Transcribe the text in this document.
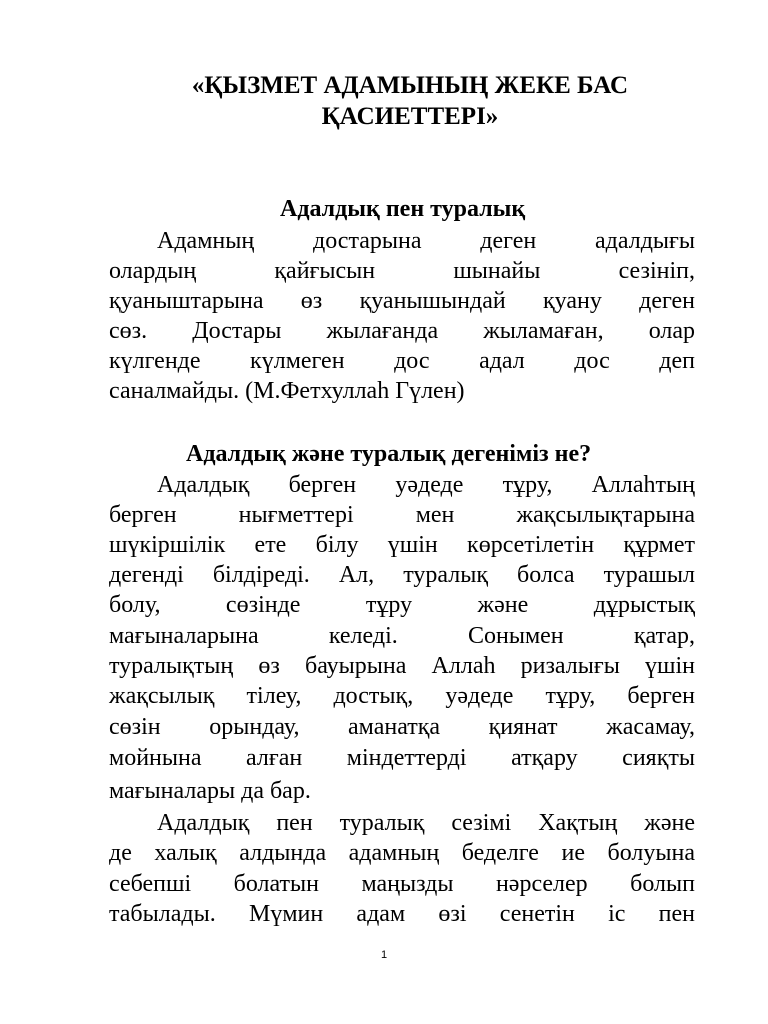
«ҚЫЗМЕТ АДАМЫНЫҢ ЖЕКЕ БАС
ҚАСИЕТТЕРІ»
Адалдық пен туралық
Адамның достарына деген адалдығы
олардың қайғысын шынайы сезініп,
қуаныштарына өз қуанышындай қуану деген
сөз. Достары жылағанда жыламаған, олар
күлгенде күлмеген дос адал дос деп
саналмайды. (М.Фетхуллаһ Гүлен)
Адалдық және туралық дегеніміз не?
Адалдық берген уәдеде тұру, Аллаһтың
берген нығметтері мен жақсылықтарына
шүкіршілік ете білу үшін көрсетілетін құрмет
дегенді білдіреді. Ал, туралық болса турашыл
болу, сөзінде тұру және дұрыстық
мағыналарына келеді. Сонымен қатар,
туралықтың өз бауырына Аллаһ ризалығы үшін
жақсылық тілеу, достық, уәдеде тұру, берген
сөзін орындау, аманатқа қиянат жасамау,
мойнына алған міндеттерді атқару сияқты
мағыналары да бар.
Адалдық пен туралық сезімі Хақтың және
де халық алдында адамның беделге ие болуына
себепші болатын маңызды нәрселер болып
табылады. Мүмин адам өзі сенетін іс пен
1
